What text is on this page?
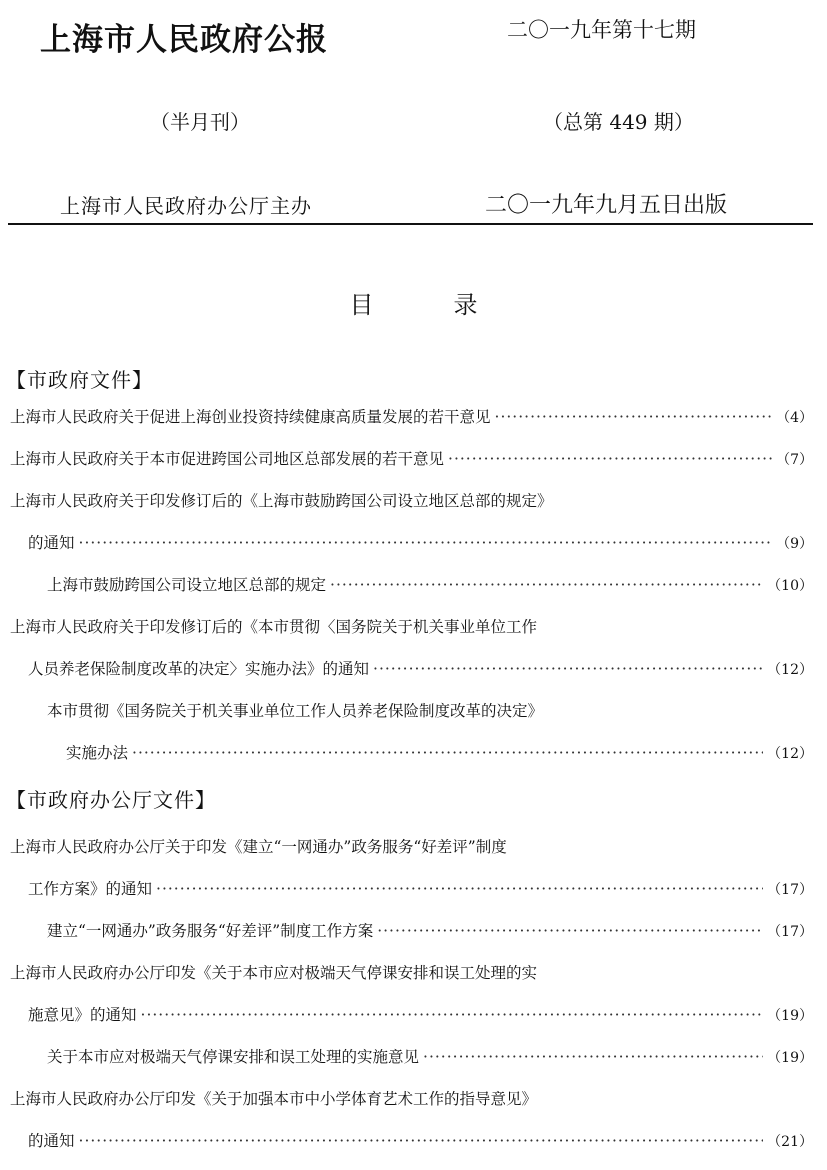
上海市人民政府公报	二〇一九年第十七期
（半月刊）	（总第 449 期）
上海市人民政府办公厅主办	二〇一九年九月五日出版
目	录
【市政府文件】
上海市人民政府关于促进上海创业投资持续健康高质量发展的若干意见 ·····	（4）
上海市人民政府关于本市促进跨国公司地区总部发展的若干意见 ·····	（7）
上海市人民政府关于印发修订后的《上海市鼓励跨国公司设立地区总部的规定》
的通知 ·····	（9）
上海市鼓励跨国公司设立地区总部的规定 ·····	（10）
上海市人民政府关于印发修订后的《本市贯彻〈国务院关于机关事业单位工作
人员养老保险制度改革的决定〉实施办法》的通知 ·····	（12）
本市贯彻《国务院关于机关事业单位工作人员养老保险制度改革的决定》
实施办法 ·····	（12）
【市政府办公厅文件】
上海市人民政府办公厅关于印发《建立“一网通办”政务服务“好差评”制度
工作方案》的通知 ·····	（17）
建立“一网通办”政务服务“好差评”制度工作方案 ·····	（17）
上海市人民政府办公厅印发《关于本市应对极端天气停课安排和误工处理的实
施意见》的通知 ·····	（19）
关于本市应对极端天气停课安排和误工处理的实施意见 ·····	（19）
上海市人民政府办公厅印发《关于加强本市中小学体育艺术工作的指导意见》
的通知 ·····	（21）
